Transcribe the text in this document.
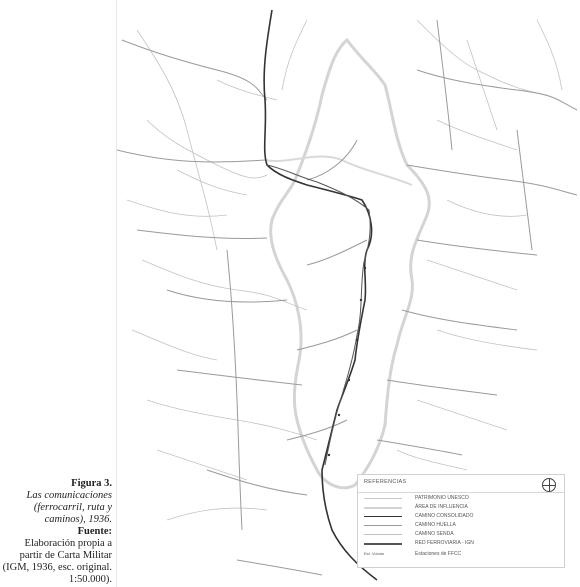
Figura 3.
Las comunicaciones (ferrocarril, ruta y caminos), 1936.
Fuente:
Elaboración propia a partir de Carta Militar (IGM, 1936, esc. original. 1:50.000).
REFERENCIAS
PATRIMONIO UNESCO
ÁREA DE INFLUENCIA
CAMINO CONSOLIDADO
CAMINO HUELLA
CAMINO SENDA
RED FERROVIARIA - IGN
Est. Volcán	Estaciones de FFCC
